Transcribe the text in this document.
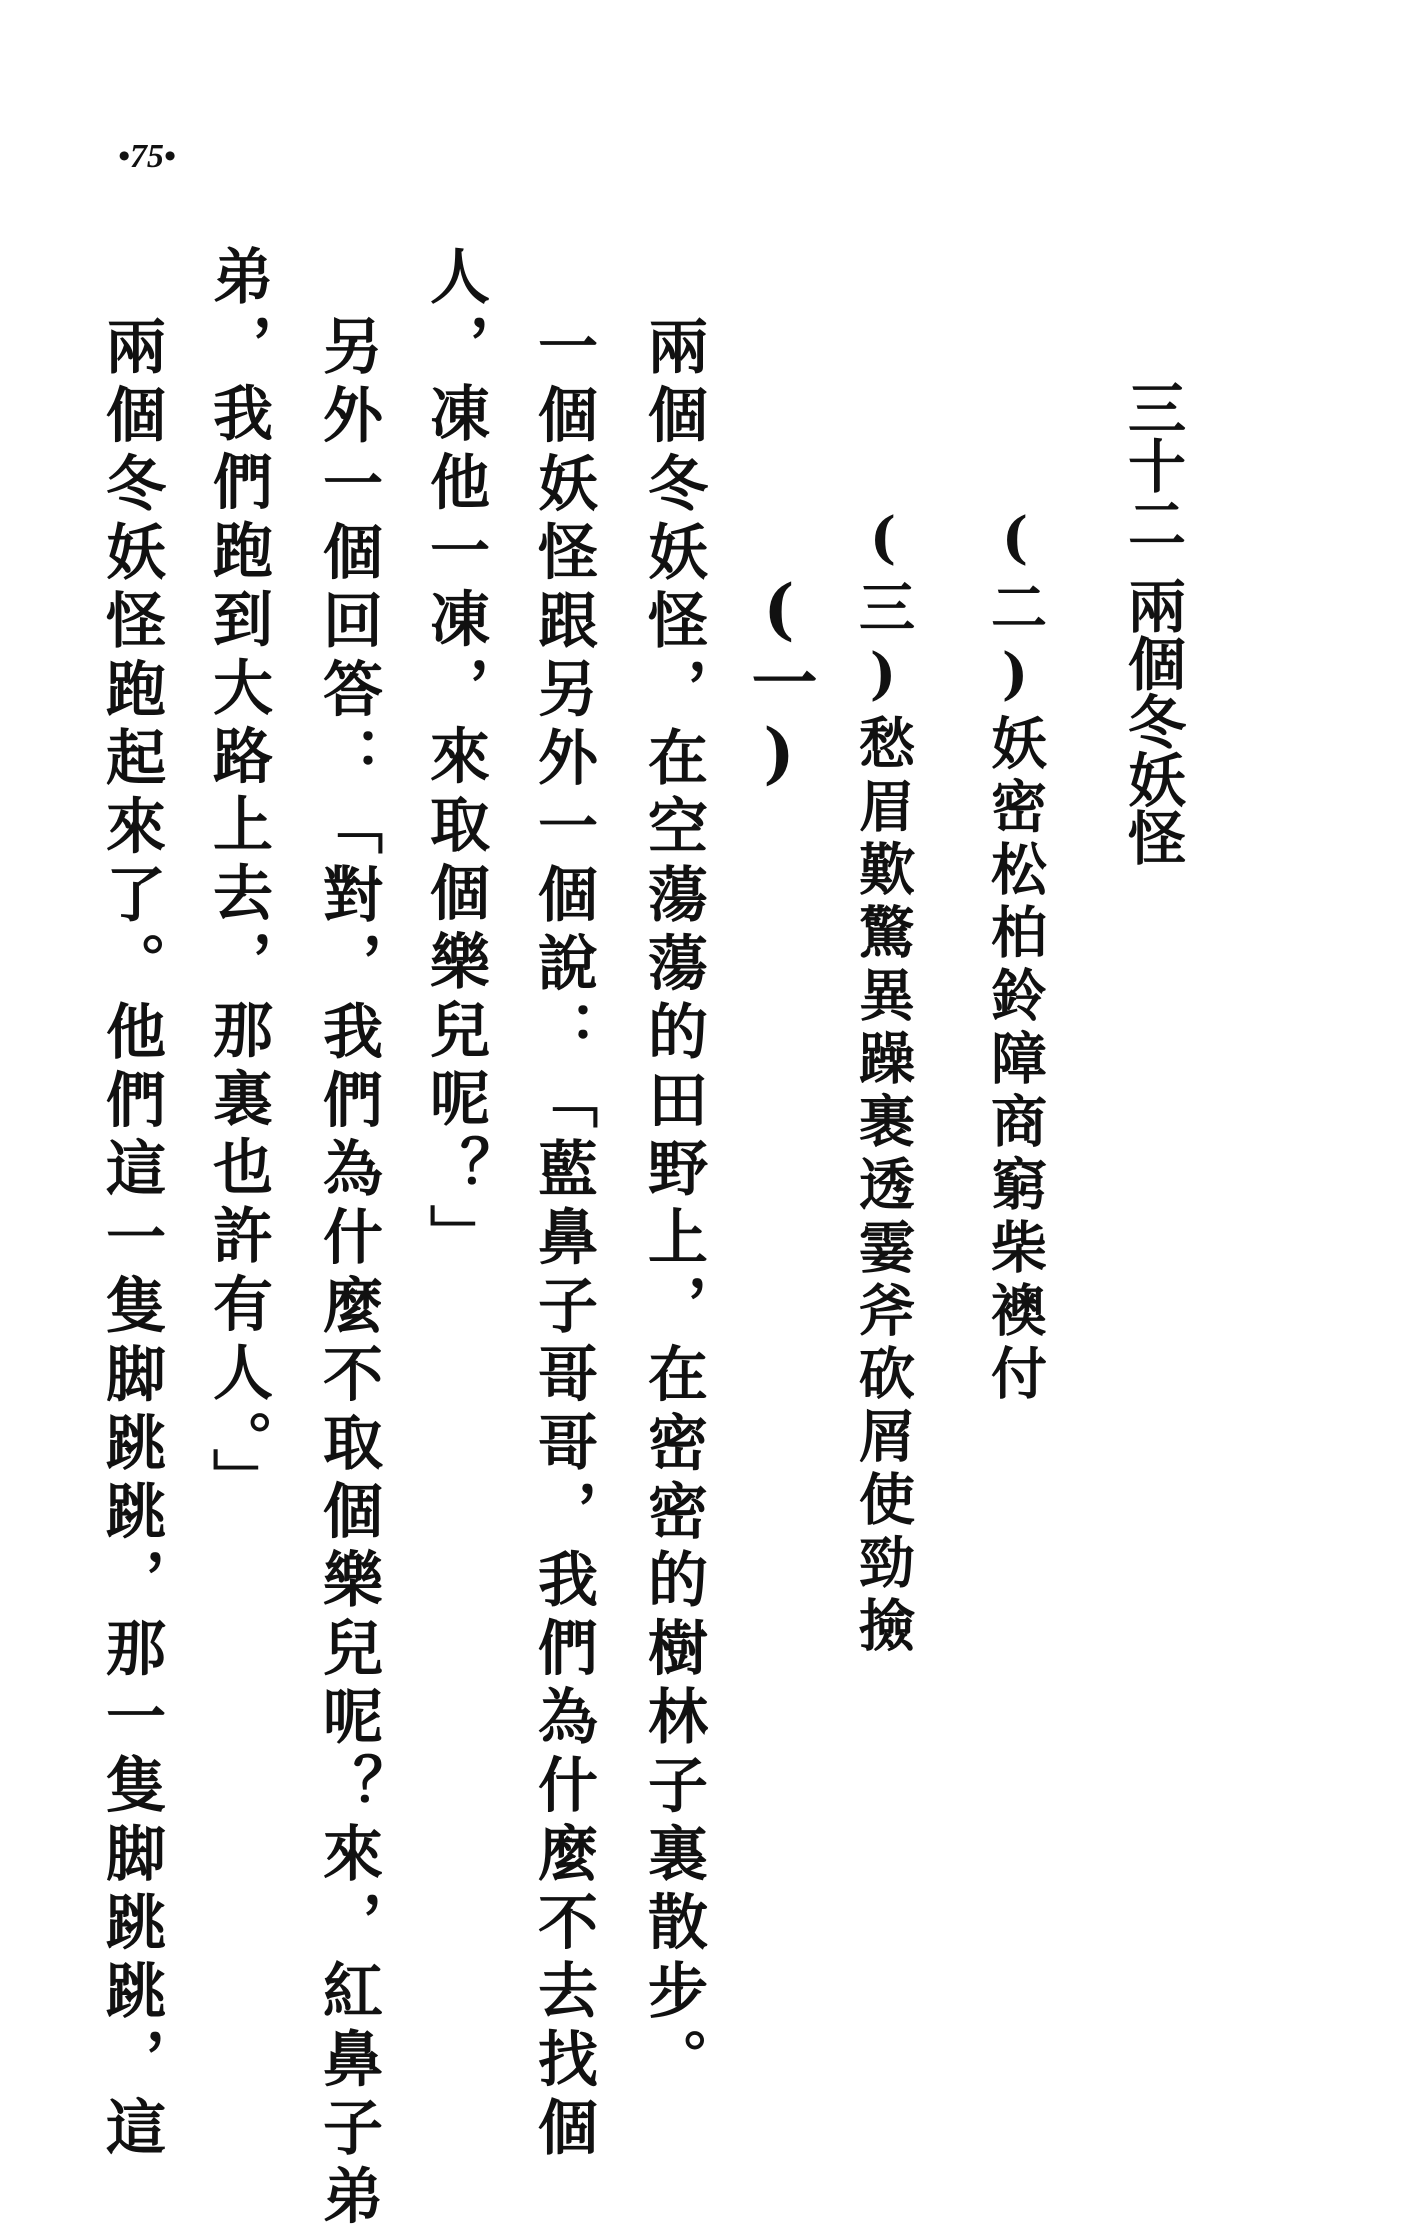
•75•
三十二兩個冬妖怪
(二)妖密松柏鈴障商窮柴襖付
(三)愁眉歎驚異躁裹透霎斧砍屑使勁撿
(一)
兩個冬妖怪，在空蕩蕩的田野上，在密密的樹林子裏散步。
一個妖怪跟另外一個說：「藍鼻子哥哥，我們為什麼不去找個
人，凍他一凍，來取個樂兒呢？」
另外一個回答：「對，我們為什麼不取個樂兒呢？來，紅鼻子弟
弟，我們跑到大路上去，那裏也許有人。」
兩個冬妖怪跑起來了。他們這一隻脚跳跳，那一隻脚跳跳，這
